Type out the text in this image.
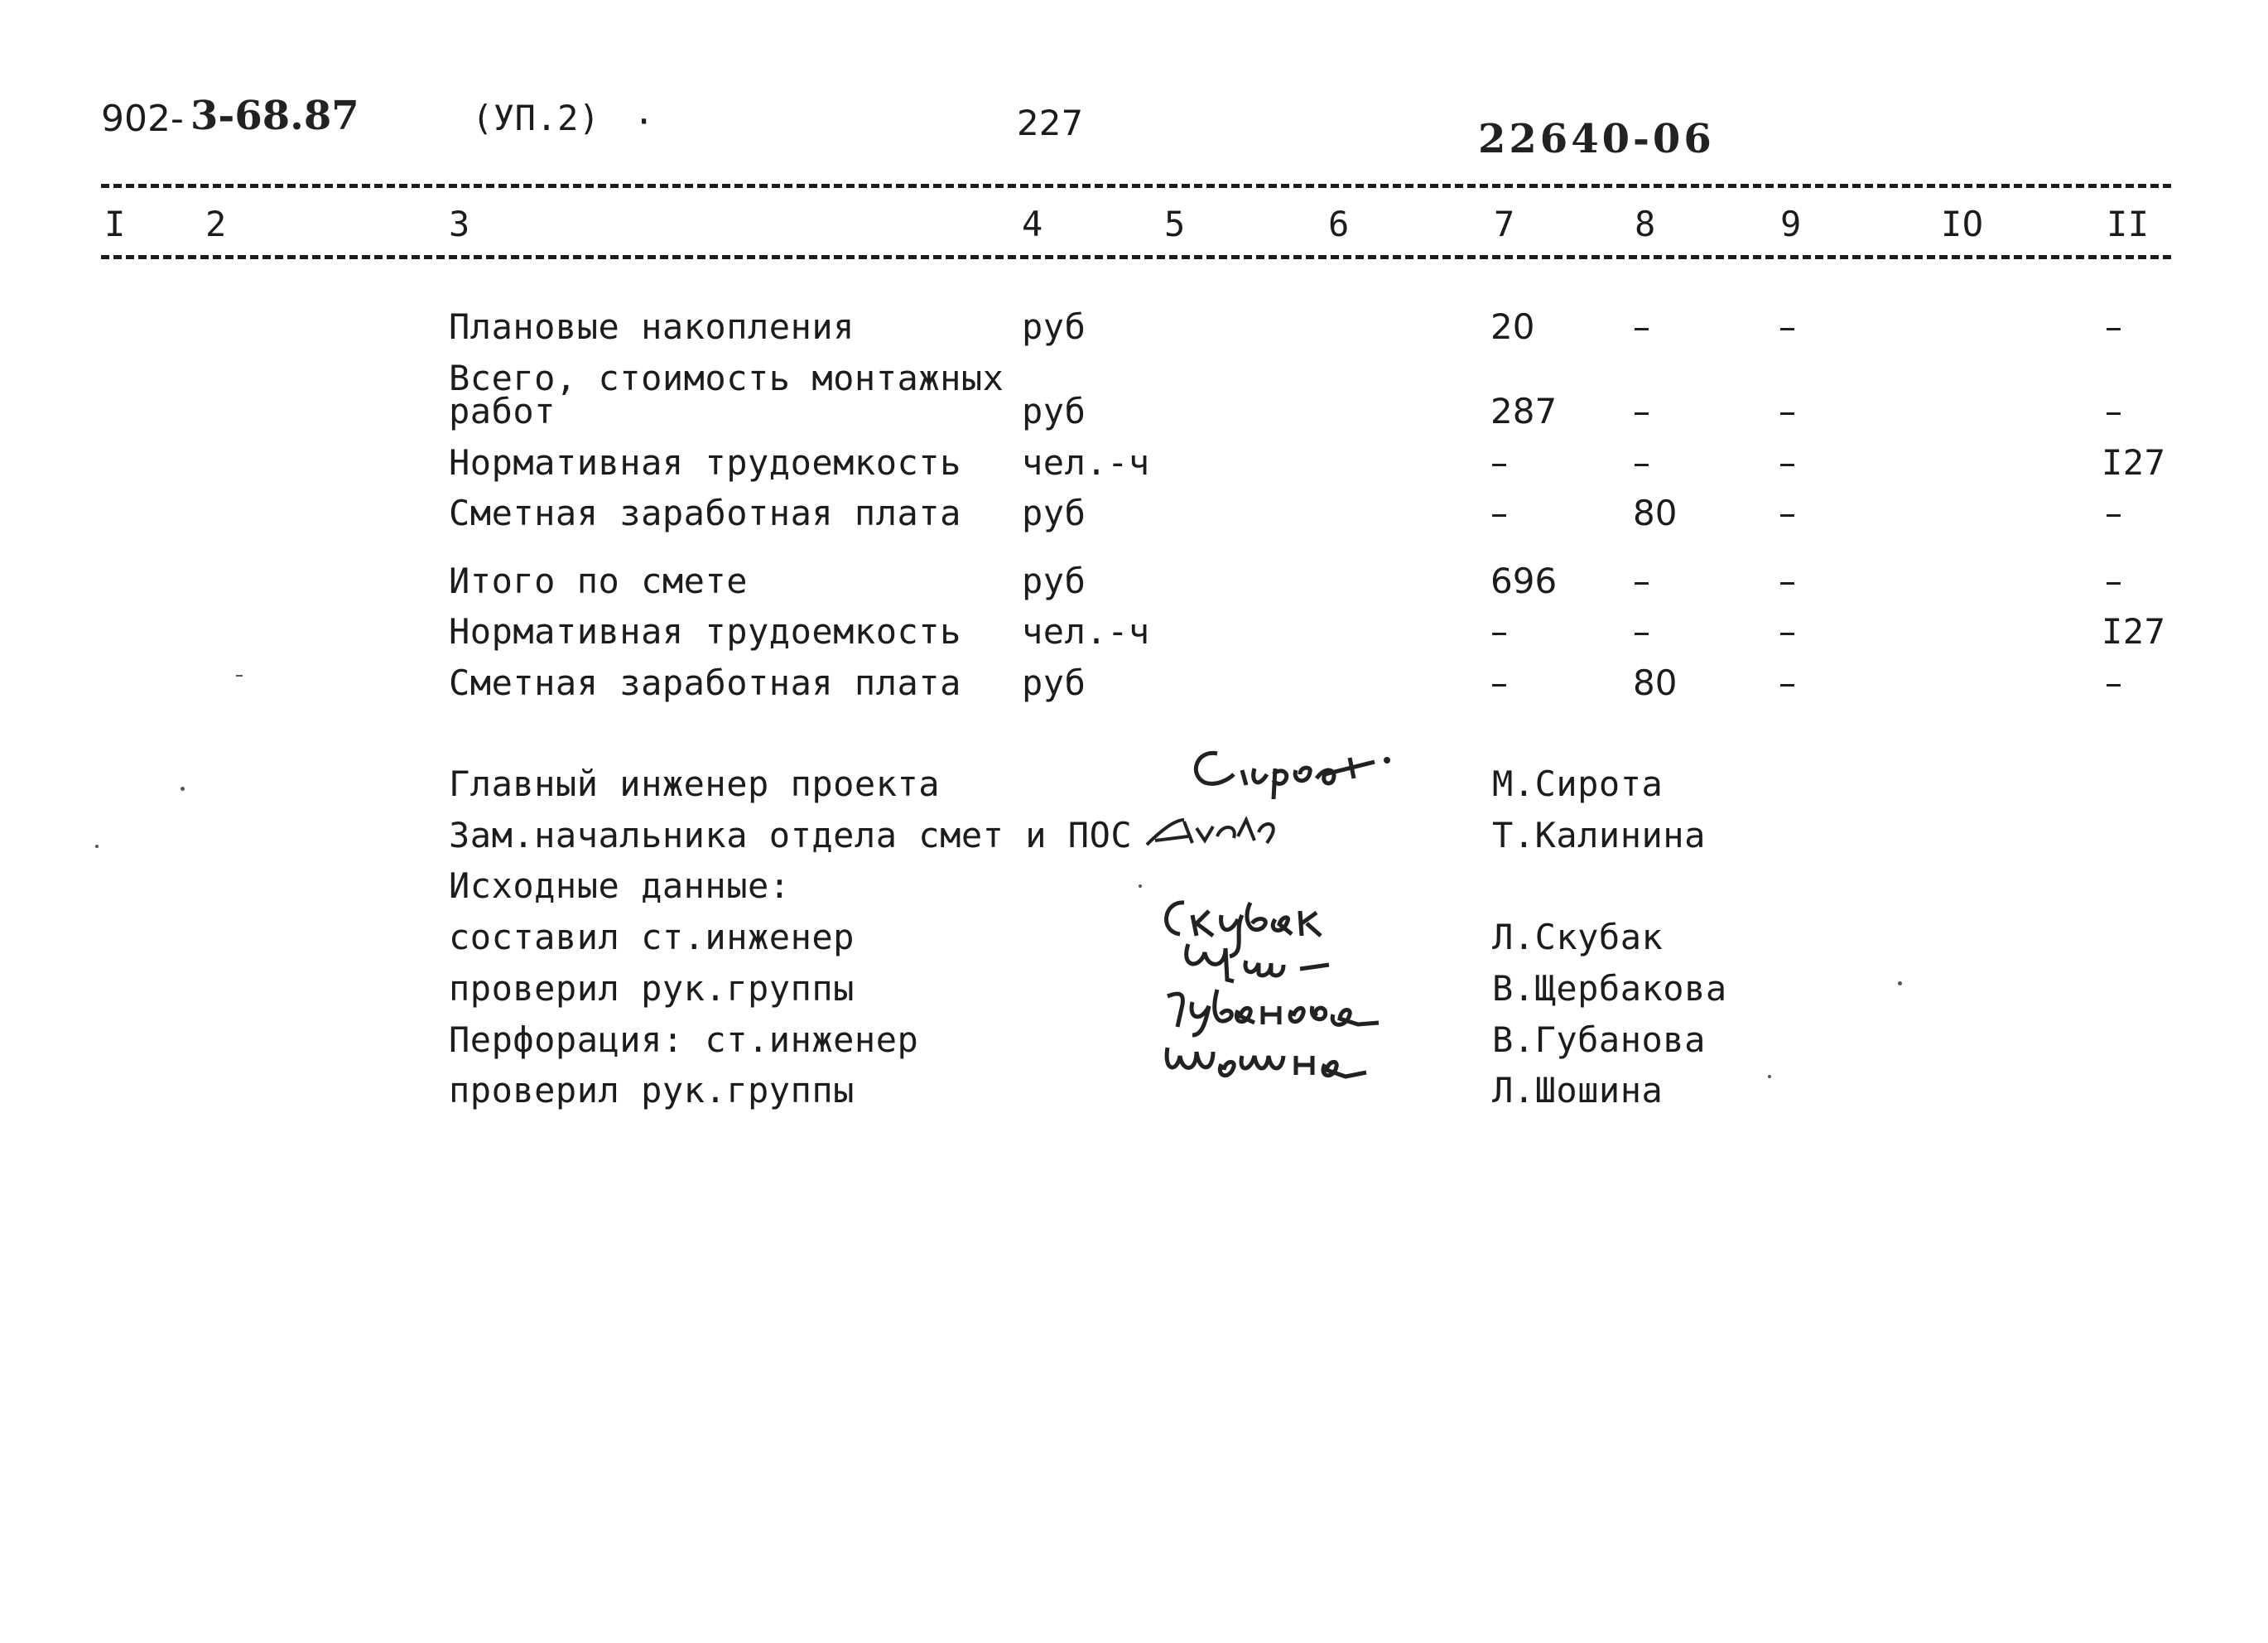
902- 3-68.87	(УП.2) ·	227	22640-06
I 2	3	4	5	6	7	8	9	IO	II
Плановые накопления	руб	20	–	–	–
Всего, стоимость монтажных
работ	руб	287 –	–	–
Нормативная трудоемкость чел.-ч	–	–	–	I27
Сметная заработная плата руб	–	80	–	–
Итого по смете	руб	696 –	–	–
Нормативная трудоемкость чел.-ч	–	–	–	I27
Сметная заработная плата руб	–	80	–	–
Главный инженер проекта	М.Сирота
Зам.начальника отдела смет и ПОС	Т.Калинина
Исходные данные:
составил ст.инженер	Л.Скубак
проверил рук.группы	В.Щербакова
Перфорация: ст.инженер	В.Губанова
проверил рук.группы	Л.Шошина
